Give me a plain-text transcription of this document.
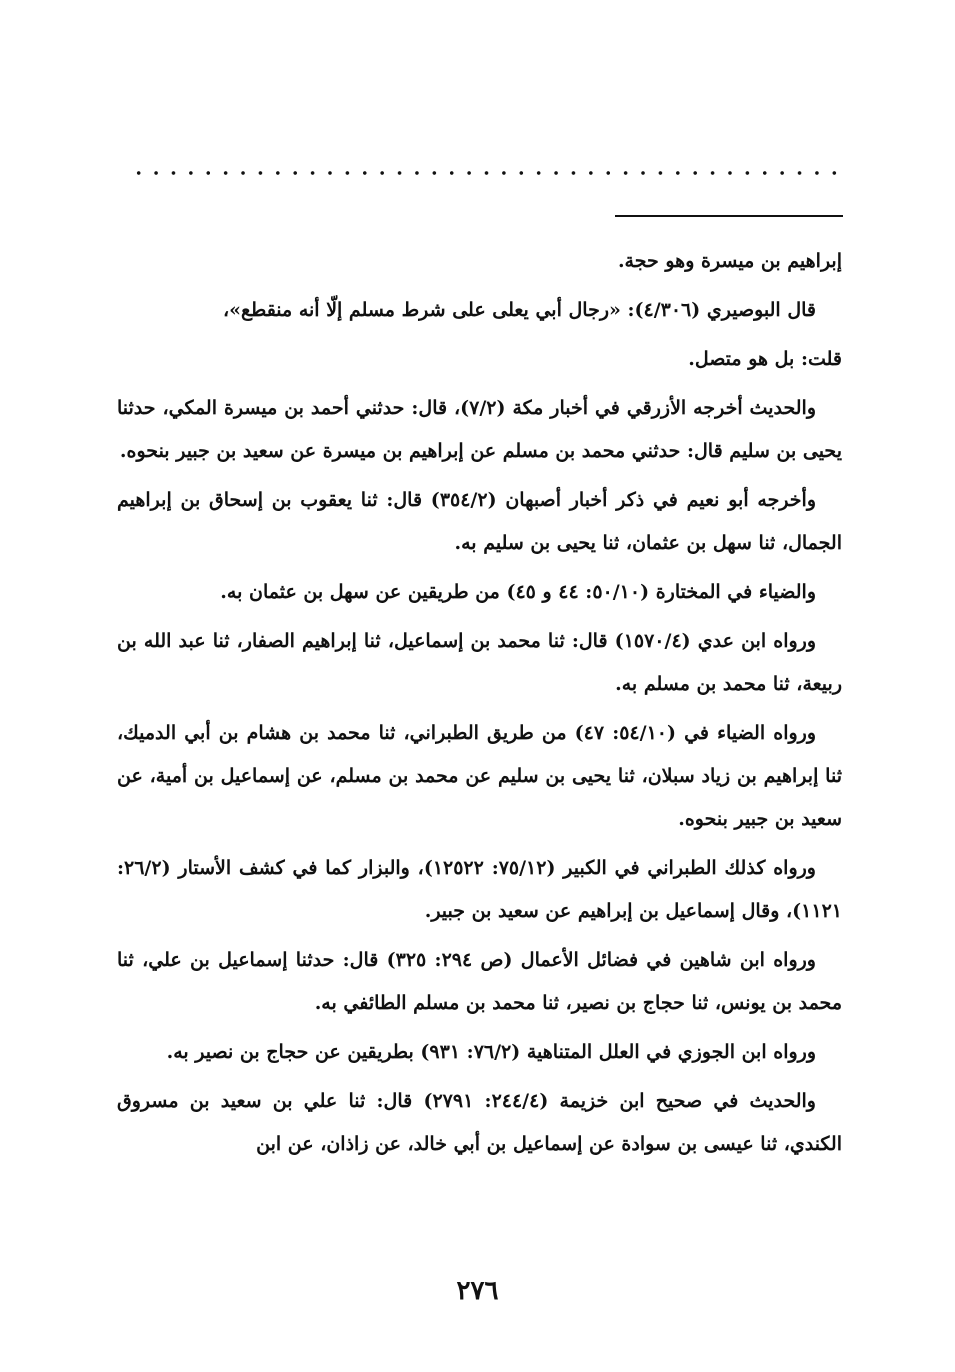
إبراهيم بن ميسرة وهو حجة.

قال البوصيري (٤/٣٠٦): «رجال أبي يعلى على شرط مسلم إلّا أنه منقطع»،

قلت: بل هو متصل.

والحديث أخرجه الأزرقي في أخبار مكة (٧/٢)، قال: حدثني أحمد بن ميسرة المكي، حدثنا يحيى بن سليم قال: حدثني محمد بن مسلم عن إبراهيم بن ميسرة عن سعيد بن جبير بنحوه.

وأخرجه أبو نعيم في ذكر أخبار أصبهان (٣٥٤/٢) قال: ثنا يعقوب بن إسحاق بن إبراهيم الجمال، ثنا سهل بن عثمان، ثنا يحيى بن سليم به.

والضياء في المختارة (٥٠/١٠: ٤٤ و ٤٥) من طريقين عن سهل بن عثمان به.

ورواه ابن عدي (١٥٧٠/٤) قال: ثنا محمد بن إسماعيل، ثنا إبراهيم الصفار، ثنا عبد الله بن ربيعة، ثنا محمد بن مسلم به.

ورواه الضياء في (٥٤/١٠: ٤٧) من طريق الطبراني، ثنا محمد بن هشام بن أبي الدميك، ثنا إبراهيم بن زياد سبلان، ثنا يحيى بن سليم عن محمد بن مسلم، عن إسماعيل بن أمية، عن سعيد بن جبير بنحوه.

ورواه كذلك الطبراني في الكبير (٧٥/١٢: ١٢٥٢٢)، والبزار كما في كشف الأستار (٢٦/٢: ١١٢١)، وقال إسماعيل بن إبراهيم عن سعيد بن جبير.

ورواه ابن شاهين في فضائل الأعمال (ص ٢٩٤: ٣٢٥) قال: حدثنا إسماعيل بن علي، ثنا محمد بن يونس، ثنا حجاج بن نصير، ثنا محمد بن مسلم الطائفي به.

ورواه ابن الجوزي في العلل المتناهية (٧٦/٢: ٩٣١) بطريقين عن حجاج بن نصير به.

والحديث في صحيح ابن خزيمة (٢٤٤/٤: ٢٧٩١) قال: ثنا علي بن سعيد بن مسروق الكندي، ثنا عيسى بن سوادة عن إسماعيل بن أبي خالد، عن زاذان، عن ابن

٢٧٦
